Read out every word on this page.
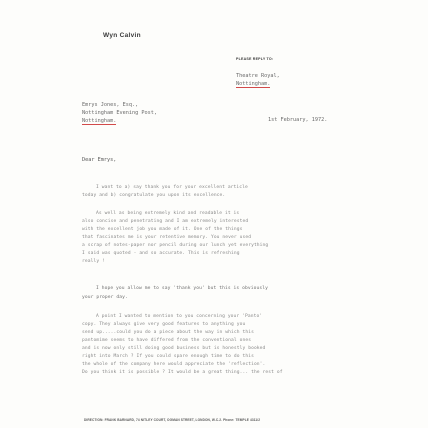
Wyn Calvin
PLEASE REPLY TO:
Theatre Royal,
Nottingham.
Emrys Jones, Esq.,
Nottingham Evening Post,
Nottingham.	1st February, 1972.
Dear Emrys,
I want to a) say thank you for your excellent article
today and b) congratulate you upon its excellence.
As well as being extremely kind and readable it is
also concise and penetrating and I am extremely interested
with the excellent job you made of it. One of the things
that fascinates me is your retentive memory. You never used
a scrap of notes-paper nor pencil during our lunch yet everything
I said was quoted - and so accurate. This is refreshing
really !
I hope you allow me to say 'thank you' but this is obviously
your proper day.
A point I wanted to mention to you concerning your 'Panto'
copy. They always give very good features to anything you
send up.....could you do a piece about the way in which this
pantomime seems to have differed from the conventional ones
and is now only still doing good business but is honestly booked
right into March ? If you could spare enough time to do this
the whole of the company here would appreciate the 'reflection'.
Do you think it is possible ? It would be a great thing... the rest of
DIRECTION: FRANK BARNARD, 74 NITLEY COURT, OGMAN STREET, LONDON, W.C.2. Phone: TEMPLE 4311/2
